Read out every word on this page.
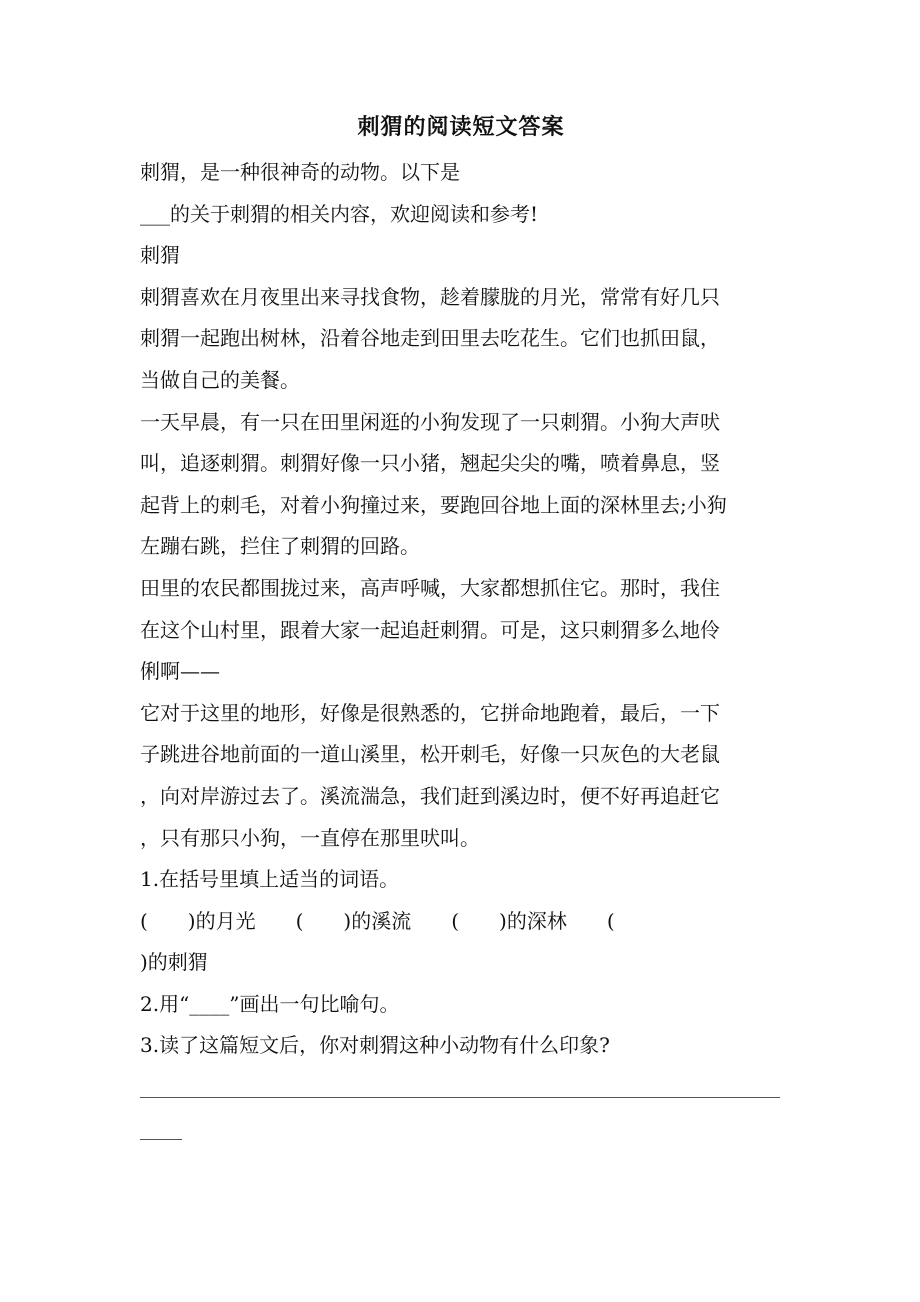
刺猬的阅读短文答案
刺猬，是一种很神奇的动物。以下是
___的关于刺猬的相关内容，欢迎阅读和参考!
刺猬
刺猬喜欢在月夜里出来寻找食物，趁着朦胧的月光，常常有好几只
刺猬一起跑出树林，沿着谷地走到田里去吃花生。它们也抓田鼠，
当做自己的美餐。
一天早晨，有一只在田里闲逛的小狗发现了一只刺猬。小狗大声吠
叫，追逐刺猬。刺猬好像一只小猪，翘起尖尖的嘴，喷着鼻息，竖
起背上的刺毛，对着小狗撞过来，要跑回谷地上面的深林里去;小狗
左蹦右跳，拦住了刺猬的回路。
田里的农民都围拢过来，高声呼喊，大家都想抓住它。那时，我住
在这个山村里，跟着大家一起追赶刺猬。可是，这只刺猬多么地伶
俐啊——
它对于这里的地形，好像是很熟悉的，它拼命地跑着，最后，一下
子跳进谷地前面的一道山溪里，松开刺毛，好像一只灰色的大老鼠
，向对岸游过去了。溪流湍急，我们赶到溪边时，便不好再追赶它
，只有那只小狗，一直停在那里吠叫。
1.在括号里填上适当的词语。
(　　)的月光　　(　　)的溪流　　(　　)的深林　　(
)的刺猬
2.用“____”画出一句比喻句。
3.读了这篇短文后，你对刺猬这种小动物有什么印象?
